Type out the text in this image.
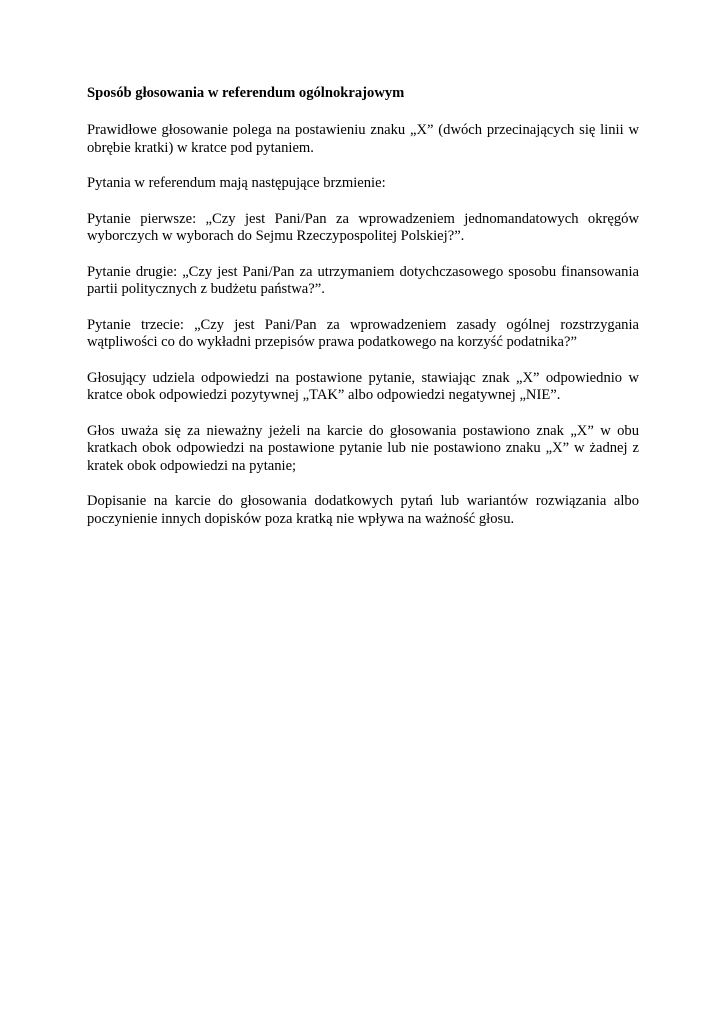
Sposób głosowania w referendum ogólnokrajowym

Prawidłowe głosowanie polega na postawieniu znaku „X” (dwóch przecinających się linii w obrębie kratki) w kratce pod pytaniem.

Pytania w referendum mają następujące brzmienie:

Pytanie pierwsze: „Czy jest Pani/Pan za wprowadzeniem jednomandatowych okręgów wyborczych w wyborach do Sejmu Rzeczypospolitej Polskiej?”.

Pytanie drugie: „Czy jest Pani/Pan za utrzymaniem dotychczasowego sposobu finansowania partii politycznych z budżetu państwa?”.

Pytanie trzecie: „Czy jest Pani/Pan za wprowadzeniem zasady ogólnej rozstrzygania wątpliwości co do wykładni przepisów prawa podatkowego na korzyść podatnika?”

Głosujący udziela odpowiedzi na postawione pytanie, stawiając znak „X” odpowiednio w kratce obok odpowiedzi pozytywnej „TAK” albo odpowiedzi negatywnej „NIE”.

Głos uważa się za nieważny jeżeli na karcie do głosowania postawiono znak „X” w obu kratkach obok odpowiedzi na postawione pytanie lub nie postawiono znaku „X” w żadnej z kratek obok odpowiedzi na pytanie;

Dopisanie na karcie do głosowania dodatkowych pytań lub wariantów rozwiązania albo poczynienie innych dopisków poza kratką nie wpływa na ważność głosu.
